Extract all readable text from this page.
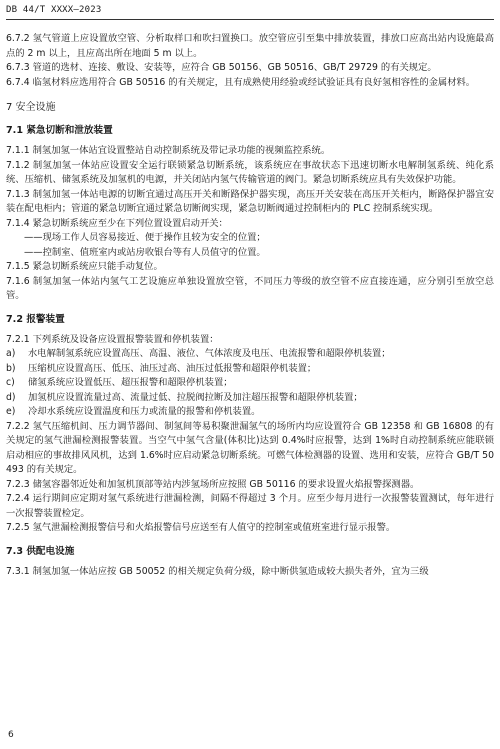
DB 44/T XXXX—2023

6.7.2 氢气管道上应设置放空管、分析取样口和吹扫置换口。放空管应引至集中排放装置，排放口应高出站内设施最高点的 2 m 以上，且应高出所在地面 5 m 以上。

6.7.3 管道的选材、连接、敷设、安装等，应符合 GB 50156、GB 50516、GB/T 29729 的有关规定。

6.7.4 临氢材料应选用符合 GB 50516 的有关规定，且有成熟使用经验或经试验证具有良好氢相容性的金属材料。

7 安全设施
7.1 紧急切断和泄放装置

7.1.1 制氢加氢一体站宜设置整站自动控制系统及带记录功能的视频监控系统。

7.1.2 制氢加氢一体站应设置安全运行联锁紧急切断系统，该系统应在事故状态下迅速切断水电解制氢系统、纯化系统、压缩机、储氢系统及加氢机的电源，并关闭站内氢气传输管道的阀门。紧急切断系统应具有失效保护功能。

7.1.3 制氢加氢一体站电源的切断宜通过高压开关和断路保护器实现，高压开关安装在高压开关柜内，断路保护器宜安装在配电柜内；管道的紧急切断宜通过紧急切断阀实现，紧急切断阀通过控制柜内的 PLC 控制系统实现。

7.1.4 紧急切断系统应至少在下列位置设置启动开关：

——现场工作人员容易接近、便于操作且较为安全的位置；

——控制室、值班室内或站房收银台等有人员值守的位置。

7.1.5 紧急切断系统应只能手动复位。

7.1.6 制氢加氢一体站内氢气工艺设施应单独设置放空管，不同压力等级的放空管不应直接连通，应分别引至放空总管。

7.2 报警装置

7.2.1 下列系统及设备应设置报警装置和停机装置：

a) 水电解制氢系统应设置高压、高温、液位、气体浓度及电压、电流报警和超限停机装置；

b) 压缩机应设置高压、低压、油压过高、油压过低报警和超限停机装置；

c) 储氢系统应设置低压、超压报警和超限停机装置；

d) 加氢机应设置流量过高、流量过低、拉脱阀拉断及加注超压报警和超限停机装置；

e) 冷却水系统应设置温度和压力或流量的报警和停机装置。

7.2.2 氢气压缩机间、压力调节器间、制氢间等易积聚泄漏氢气的场所内均应设置符合 GB 12358 和 GB 16808 的有关规定的氢气泄漏检测报警装置。当空气中氢气含量(体积比)达到 0.4%时应报警，达到 1%时自动控制系统应能联锁启动相应的事故排风风机，达到 1.6%时应启动紧急切断系统。可燃气体检测器的设置、选用和安装，应符合 GB/T 50493 的有关规定。

7.2.3 储氢容器邻近处和加氢机顶部等站内涉氢场所应按照 GB 50116 的要求设置火焰报警探测器。

7.2.4 运行期间应定期对氢气系统进行泄漏检测，间隔不得超过 3 个月。应至少每月进行一次报警装置测试，每年进行一次报警装置检定。

7.2.5 氢气泄漏检测报警信号和火焰报警信号应送至有人值守的控制室或值班室进行显示报警。

7.3 供配电设施

7.3.1 制氢加氢一体站应按 GB 50052 的相关规定负荷分级，除中断供氢造成较大损失者外，宜为三级

6
